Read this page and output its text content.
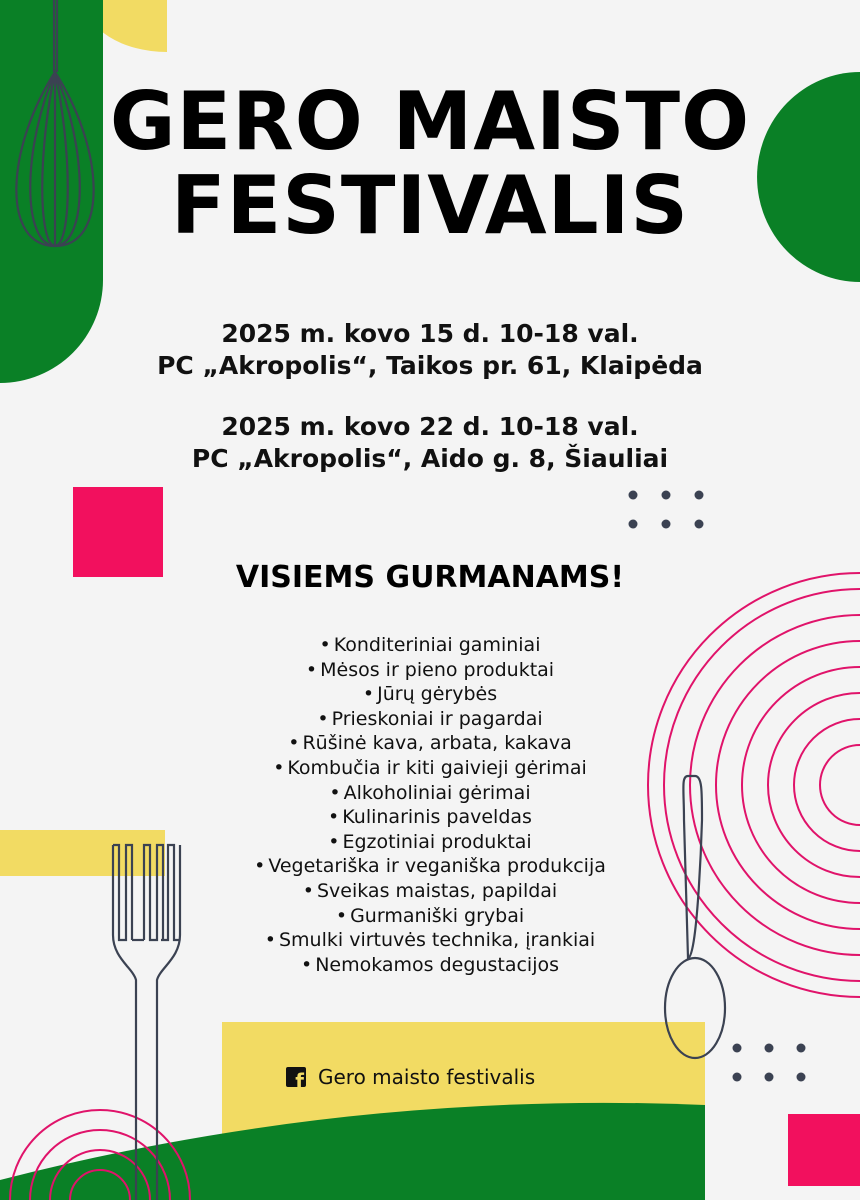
GERO MAISTO
FESTIVALIS
2025 m. kovo 15 d. 10-18 val.
PC „Akropolis“, Taikos pr. 61, Klaipėda
2025 m. kovo 22 d. 10-18 val.
PC „Akropolis“, Aido g. 8, Šiauliai
VISIEMS GURMANAMS!
• Konditeriniai gaminiai
• Mėsos ir pieno produktai
• Jūrų gėrybės
• Prieskoniai ir pagardai
• Rūšinė kava, arbata, kakava
• Kombučia ir kiti gaivieji gėrimai
• Alkoholiniai gėrimai
• Kulinarinis paveldas
• Egzotiniai produktai
• Vegetariška ir veganiška produkcija
• Sveikas maistas, papildai
• Gurmaniški grybai
• Smulki virtuvės technika, įrankiai
• Nemokamos degustacijos
f Gero maisto festivalis
